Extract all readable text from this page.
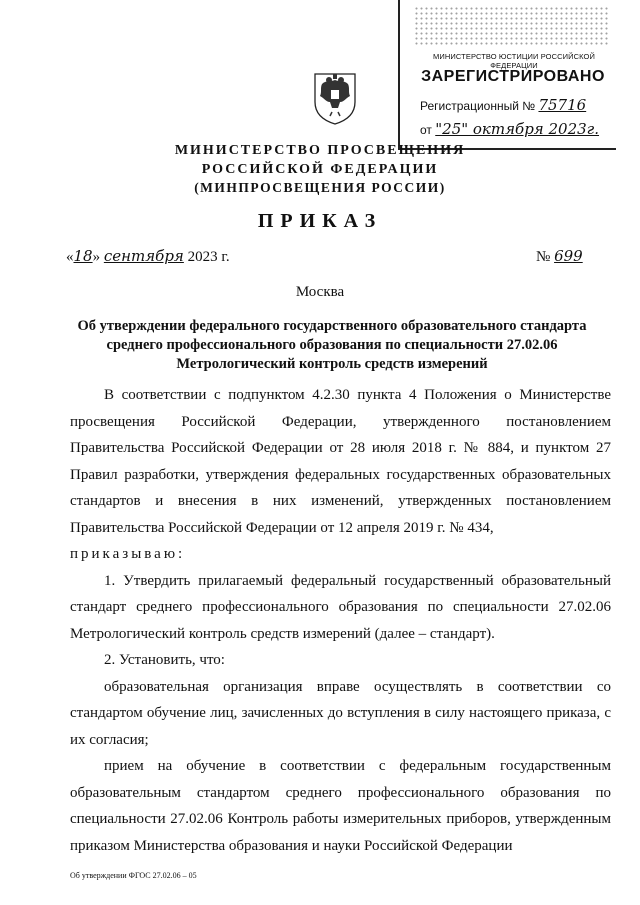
МИНИСТЕРСТВО ЮСТИЦИИ РОССИЙСКОЙ ФЕДЕРАЦИИ
ЗАРЕГИСТРИРОВАНО
Регистрационный № 75716
от "25" октября 2023г.
МИНИСТЕРСТВО ПРОСВЕЩЕНИЯ
РОССИЙСКОЙ ФЕДЕРАЦИИ
(МИНПРОСВЕЩЕНИЯ РОССИИ)
ПРИКАЗ
«18» сентября 2023 г.	№ 699
Москва
Об утверждении федерального государственного образовательного стандарта среднего профессионального образования по специальности 27.02.06 Метрологический контроль средств измерений

В соответствии с подпунктом 4.2.30 пункта 4 Положения о Министерстве просвещения Российской Федерации, утвержденного постановлением Правительства Российской Федерации от 28 июля 2018 г. № 884, и пунктом 27 Правил разработки, утверждения федеральных государственных образовательных стандартов и внесения в них изменений, утвержденных постановлением Правительства Российской Федерации от 12 апреля 2019 г. № 434,

приказываю:

1. Утвердить прилагаемый федеральный государственный образовательный стандарт среднего профессионального образования по специальности 27.02.06 Метрологический контроль средств измерений (далее – стандарт).

2. Установить, что:

образовательная организация вправе осуществлять в соответствии со стандартом обучение лиц, зачисленных до вступления в силу настоящего приказа, с их согласия;

прием на обучение в соответствии с федеральным государственным образовательным стандартом среднего профессионального образования по специальности 27.02.06 Контроль работы измерительных приборов, утвержденным приказом Министерства образования и науки Российской Федерации

Об утверждении ФГОС 27.02.06 – 05
